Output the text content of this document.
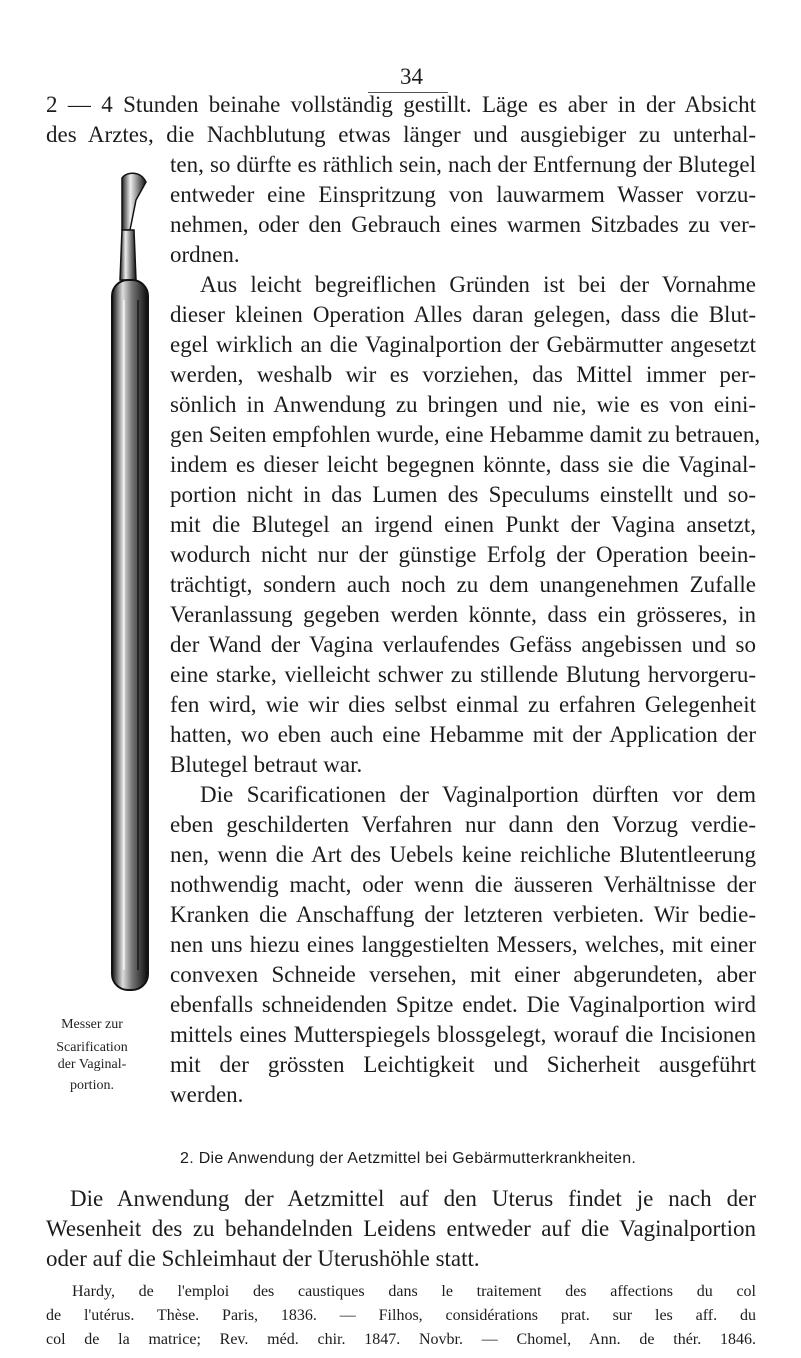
34
2 — 4 Stunden beinahe vollständig gestillt. Läge es aber in der Absicht
des Arztes, die Nachblutung etwas länger und ausgiebiger zu unterhal-
ten, so dürfte es räthlich sein, nach der Entfernung der Blutegel
entweder eine Einspritzung von lauwarmem Wasser vorzu-
nehmen, oder den Gebrauch eines warmen Sitzbades zu ver-
ordnen.
Aus leicht begreiflichen Gründen ist bei der Vornahme
dieser kleinen Operation Alles daran gelegen, dass die Blut-
egel wirklich an die Vaginalportion der Gebärmutter angesetzt
werden, weshalb wir es vorziehen, das Mittel immer per-
sönlich in Anwendung zu bringen und nie, wie es von eini-
gen Seiten empfohlen wurde, eine Hebamme damit zu betrauen,
indem es dieser leicht begegnen könnte, dass sie die Vaginal-
portion nicht in das Lumen des Speculums einstellt und so-
mit die Blutegel an irgend einen Punkt der Vagina ansetzt,
wodurch nicht nur der günstige Erfolg der Operation beein-
trächtigt, sondern auch noch zu dem unangenehmen Zufalle
Veranlassung gegeben werden könnte, dass ein grösseres, in
der Wand der Vagina verlaufendes Gefäss angebissen und so
eine starke, vielleicht schwer zu stillende Blutung hervorgeru-
fen wird, wie wir dies selbst einmal zu erfahren Gelegenheit
hatten, wo eben auch eine Hebamme mit der Application der
Blutegel betraut war.
Die Scarificationen der Vaginalportion dürften vor dem
eben geschilderten Verfahren nur dann den Vorzug verdie-
nen, wenn die Art des Uebels keine reichliche Blutentleerung
nothwendig macht, oder wenn die äusseren Verhältnisse der
Kranken die Anschaffung der letzteren verbieten. Wir bedie-
nen uns hiezu eines langgestielten Messers, welches, mit einer
convexen Schneide versehen, mit einer abgerundeten, aber
ebenfalls schneidenden Spitze endet. Die Vaginalportion wird
mittels eines Mutterspiegels blossgelegt, worauf die Incisionen
mit der grössten Leichtigkeit und Sicherheit ausgeführt
werden.
Messer zur
Scarification
der Vaginal-
portion.
2. Die Anwendung der Aetzmittel bei Gebärmutterkrankheiten.
Die Anwendung der Aetzmittel auf den Uterus findet je nach der
Wesenheit des zu behandelnden Leidens entweder auf die Vaginalportion
oder auf die Schleimhaut der Uterushöhle statt.
Hardy, de l'emploi des caustiques dans le traitement des affections du col
de l'utérus. Thèse. Paris, 1836. — Filhos, considérations prat. sur les aff. du
col de la matrice; Rev. méd. chir. 1847. Novbr. — Chomel, Ann. de thér. 1846.
